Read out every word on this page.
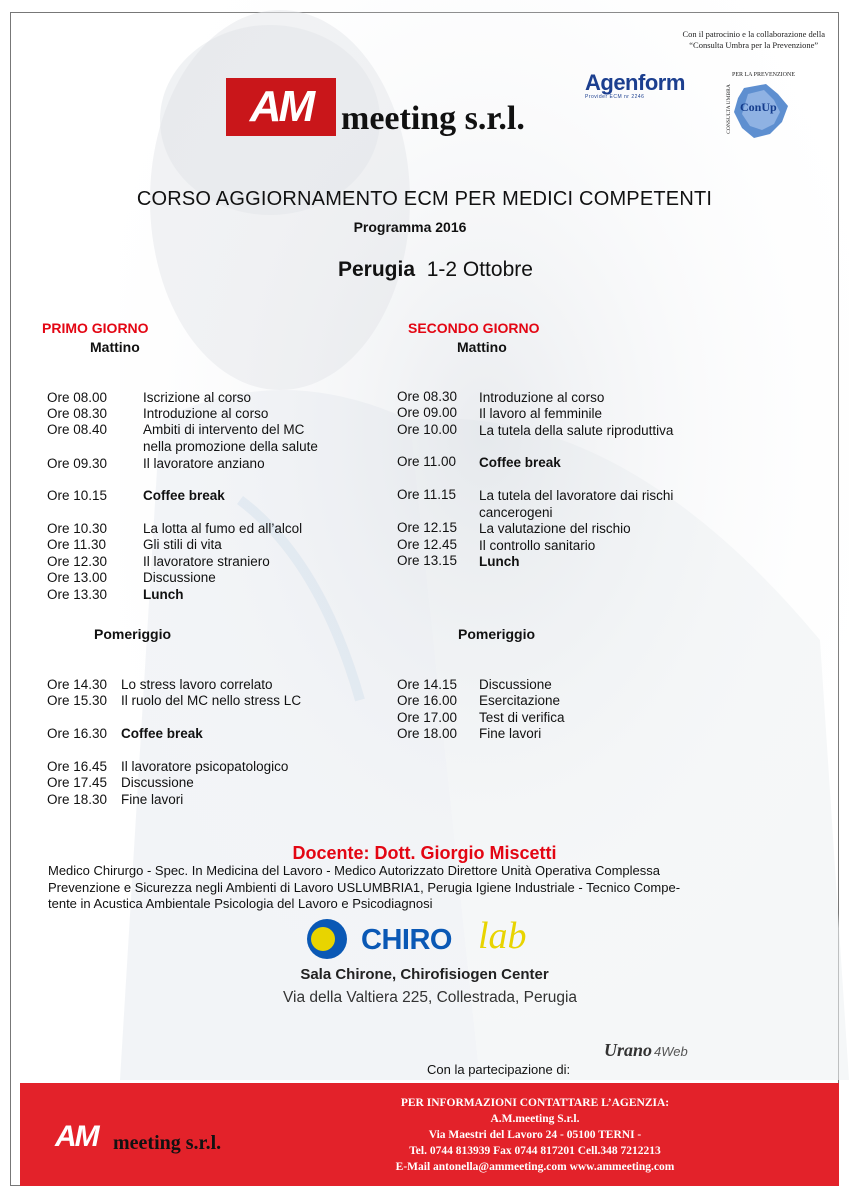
Con il patrocinio e la collaborazione della
“Consulta Umbra per la Prevenzione”
AM meeting s.r.l.
Agenform
Provider ECM nr 2246
PER LA PREVENZIONE
CONSULTA UMBRA ConUp
CORSO AGGIORNAMENTO ECM PER MEDICI COMPETENTI
Programma 2016
Perugia 1-2 Ottobre
PRIMO GIORNO
Mattino
Ore 08.00	Iscrizione al corso
Ore 08.30	Introduzione al corso
Ore 08.40	Ambiti di intervento del MC
nella promozione della salute
Ore 09.30	Il lavoratore anziano
Ore 10.15	Coffee break
Ore 10.30	La lotta al fumo ed all’alcol
Ore 11.30	Gli stili di vita
Ore 12.30	Il lavoratore straniero
Ore 13.00	Discussione
Ore 13.30	Lunch
Pomeriggio
Ore 14.30 Lo stress lavoro correlato
Ore 15.30 Il ruolo del MC nello stress LC
Ore 16.30 Coffee break
Ore 16.45 Il lavoratore psicopatologico
Ore 17.45 Discussione
Ore 18.30 Fine lavori
SECONDO GIORNO
Mattino
Ore 08.30 Introduzione al corso
Ore 09.00 Il lavoro al femminile
Ore 10.00 La tutela della salute riproduttiva
Ore 11.00 Coffee break
Ore 11.15 La tutela del lavoratore dai rischi
cancerogeni
Ore 12.15 La valutazione del rischio
Ore 12.45 Il controllo sanitario
Ore 13.15 Lunch
Pomeriggio
Ore 14.15 Discussione
Ore 16.00 Esercitazione
Ore 17.00 Test di verifica
Ore 18.00 Fine lavori
Docente: Dott. Giorgio Miscetti
Medico Chirurgo - Spec. In Medicina del Lavoro - Medico Autorizzato Direttore Unità Operativa Complessa
Prevenzione e Sicurezza negli Ambienti di Lavoro USLUMBRIA1, Perugia Igiene Industriale - Tecnico Compe-
tente in Acustica Ambientale Psicologia del Lavoro e Psicodiagnosi
CHIRO lab
Sala Chirone, Chirofisiogen Center
Via della Valtiera 225, Collestrada, Perugia
Con la partecipazione di:
Urano 4Web
AM meeting s.r.l.
PER INFORMAZIONI CONTATTARE L’AGENZIA:
A.M.meeting S.r.l.
Via Maestri del Lavoro 24 - 05100 TERNI -
Tel. 0744 813939 Fax 0744 817201 Cell.348 7212213
E-Mail antonella@ammeeting.com www.ammeeting.com
